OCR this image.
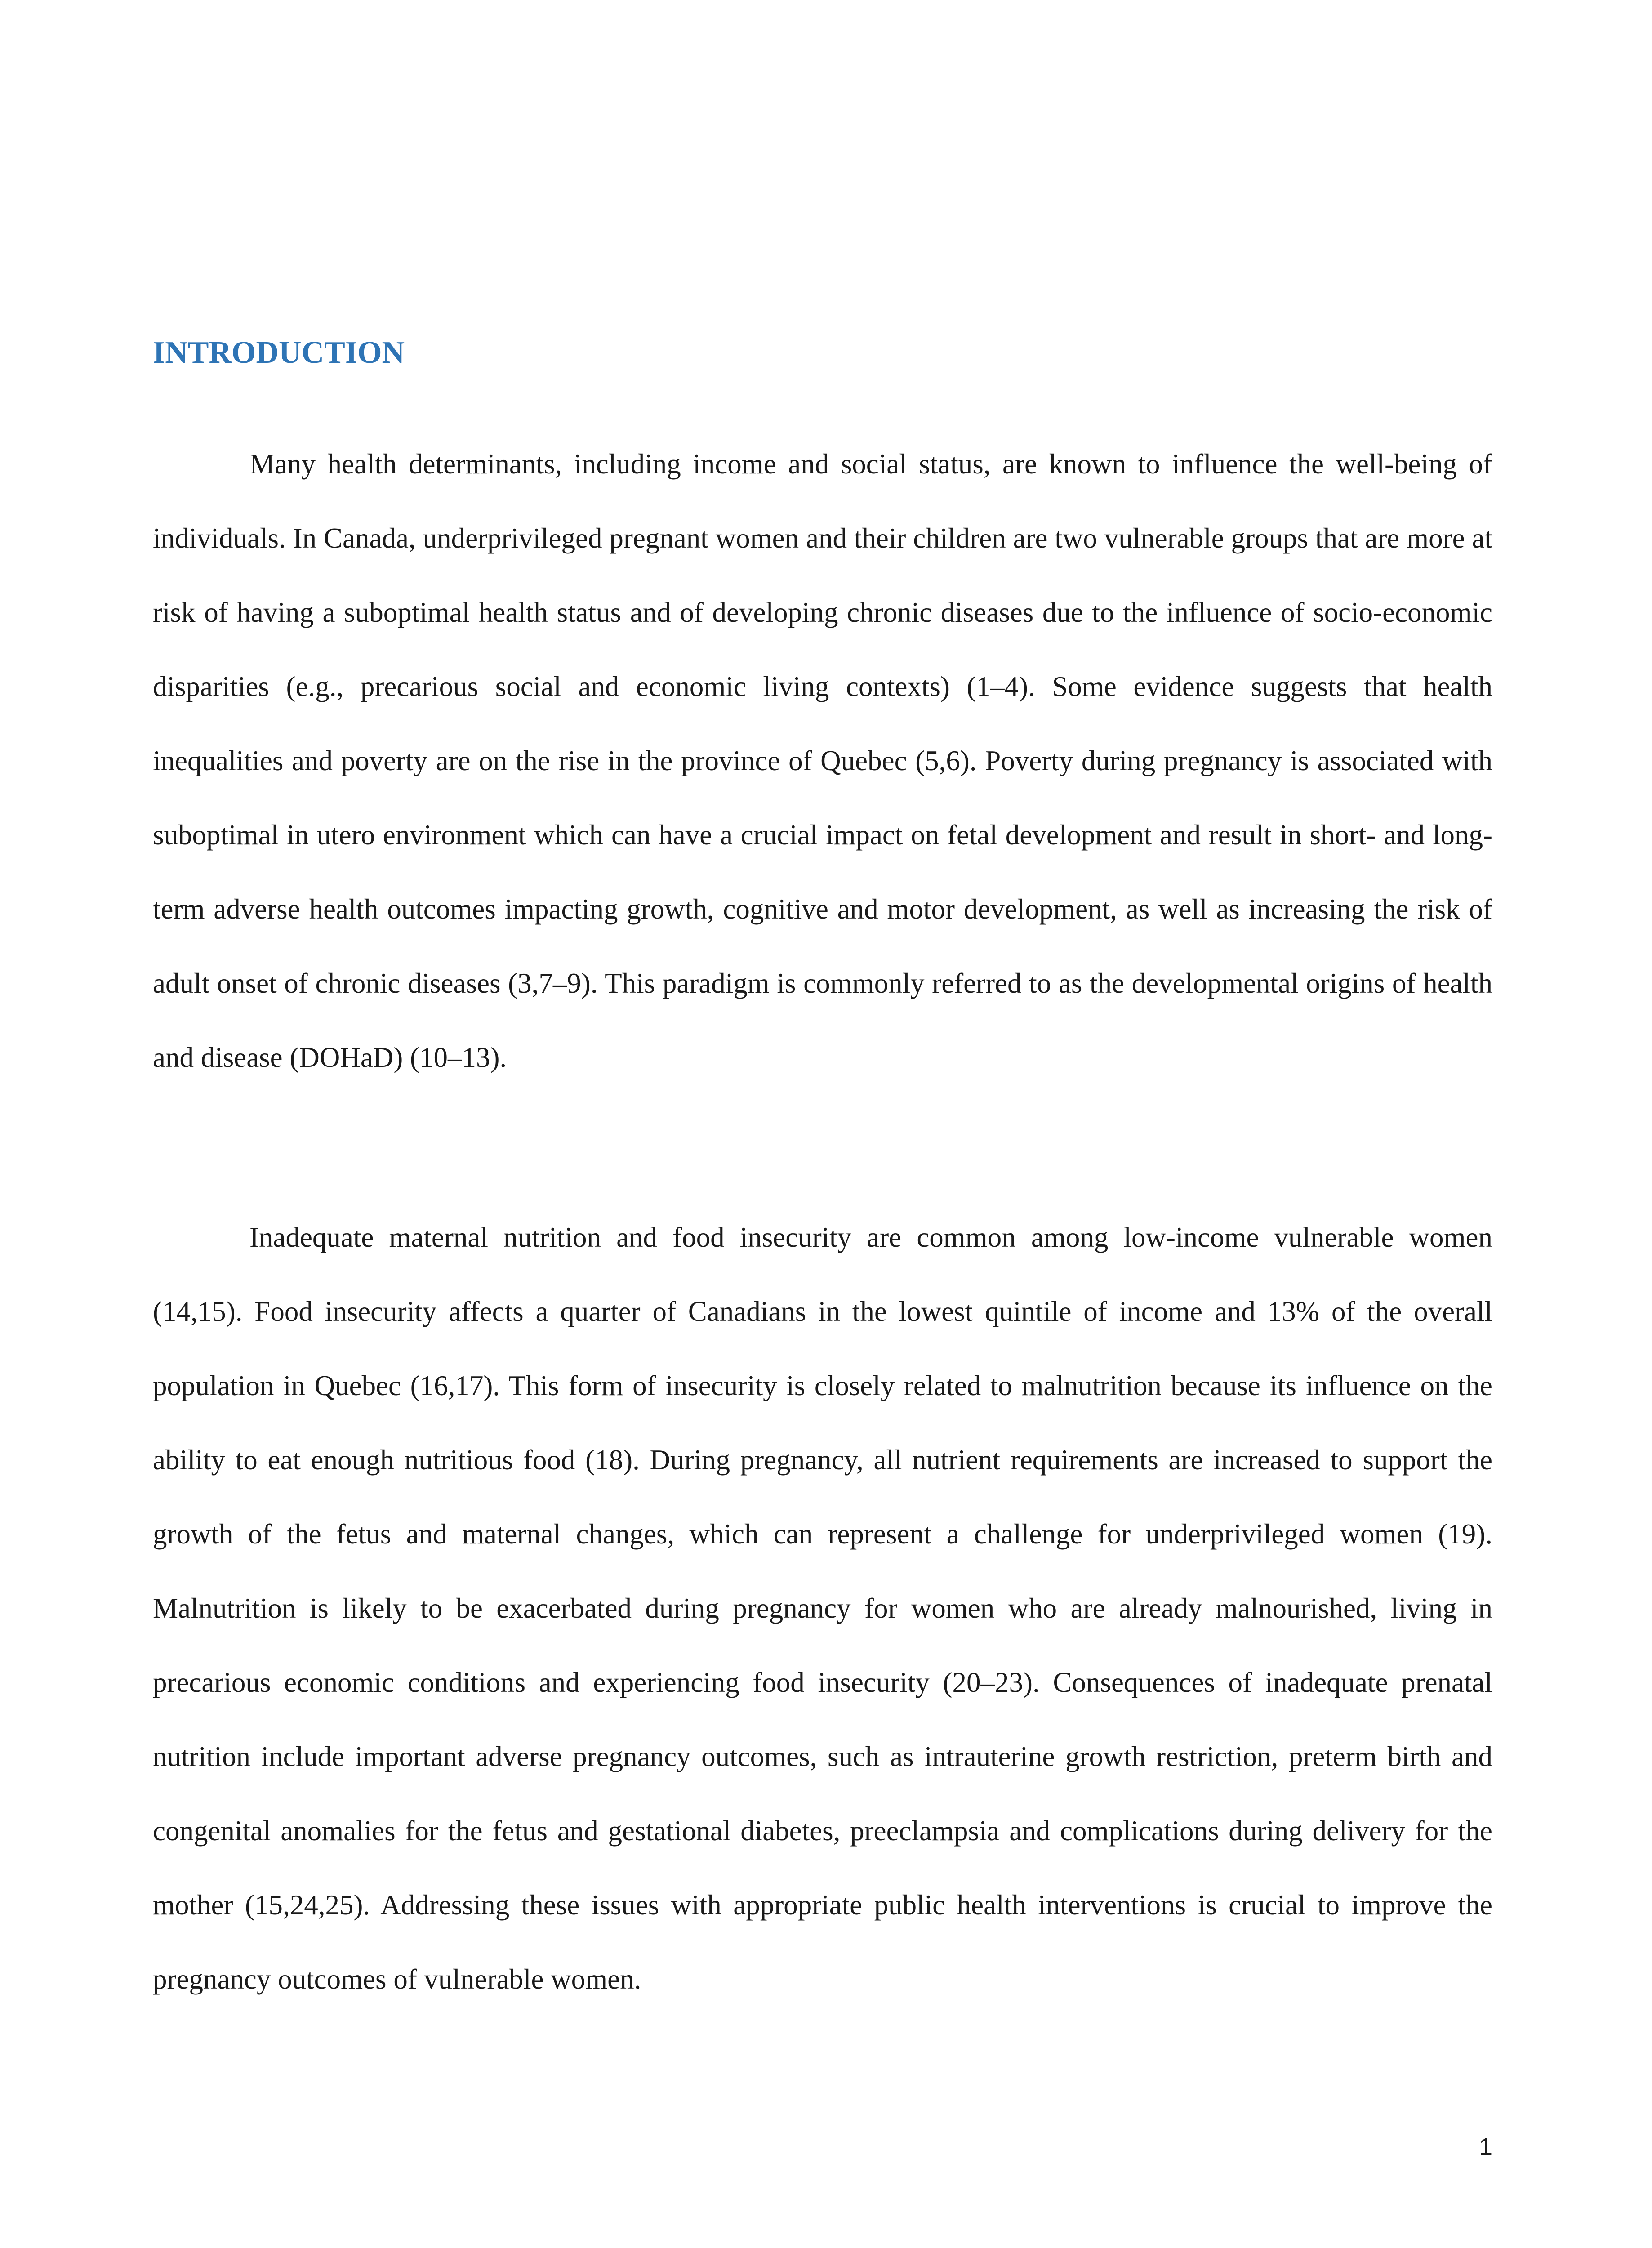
INTRODUCTION

Many health determinants, including income and social status, are known to influence the well-being of individuals. In Canada, underprivileged pregnant women and their children are two vulnerable groups that are more at risk of having a suboptimal health status and of developing chronic diseases due to the influence of socio-economic disparities (e.g., precarious social and economic living contexts) (1–4). Some evidence suggests that health inequalities and poverty are on the rise in the province of Quebec (5,6). Poverty during pregnancy is associated with suboptimal in utero environment which can have a crucial impact on fetal development and result in short- and long-term adverse health outcomes impacting growth, cognitive and motor development, as well as increasing the risk of adult onset of chronic diseases (3,7–9). This paradigm is commonly referred to as the developmental origins of health and disease (DOHaD) (10–13).

Inadequate maternal nutrition and food insecurity are common among low-income vulnerable women (14,15). Food insecurity affects a quarter of Canadians in the lowest quintile of income and 13% of the overall population in Quebec (16,17). This form of insecurity is closely related to malnutrition because its influence on the ability to eat enough nutritious food (18). During pregnancy, all nutrient requirements are increased to support the growth of the fetus and maternal changes, which can represent a challenge for underprivileged women (19). Malnutrition is likely to be exacerbated during pregnancy for women who are already malnourished, living in precarious economic conditions and experiencing food insecurity (20–23). Consequences of inadequate prenatal nutrition include important adverse pregnancy outcomes, such as intrauterine growth restriction, preterm birth and congenital anomalies for the fetus and gestational diabetes, preeclampsia and complications during delivery for the mother (15,24,25). Addressing these issues with appropriate public health interventions is crucial to improve the pregnancy outcomes of vulnerable women.

1
